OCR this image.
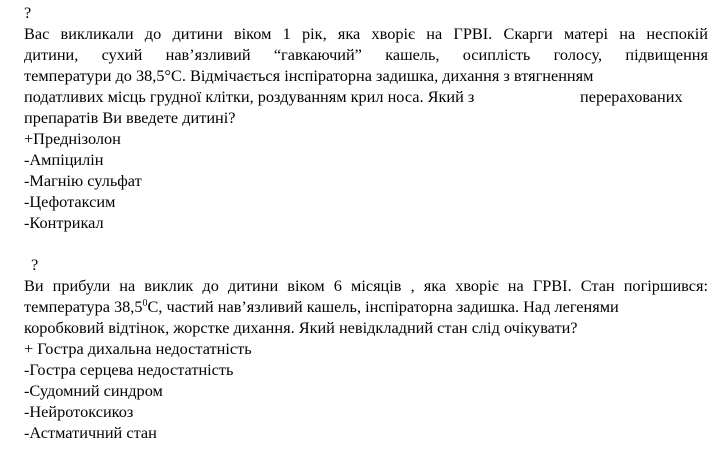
?
Вас викликали до дитини віком 1 рік, яка хворіє на ГРВІ. Скарги матері на неспокій
дитини, сухий нав’язливий “гавкаючий” кашель, осиплість голосу, підвищення
температури до 38,5°С. Відмічається інспіраторна задишка, дихання з втягненням
податливих місць грудної клітки, роздуванням крил носа. Який з	перерахованих
препаратів Ви введете дитині?
+Преднізолон
-Ампіцилін
-Магнію сульфат
-Цефотаксим
-Контрикал
?
Ви прибули на виклик до дитини віком 6 місяців , яка хворіє на ГРВІ. Стан погіршився:
температура 38,5$^0$С, частий нав’язливий кашель, інспіраторна задишка. Над легенями
коробковий відтінок, жорстке дихання. Який невідкладний стан слід очікувати?
+ Гостра дихальна недостатність
-Гостра серцева недостатність
-Судомний синдром
-Нейротоксикоз
-Астматичний стан
